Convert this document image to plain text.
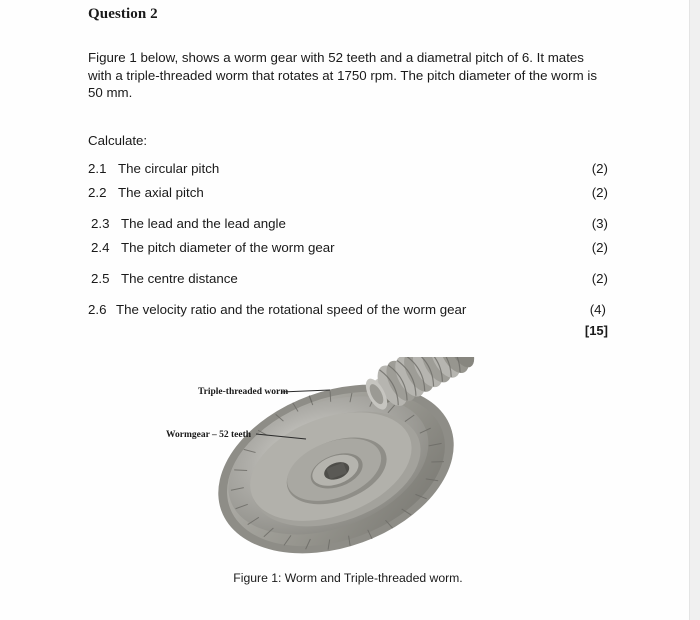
Question 2
Figure 1 below, shows a worm gear with 52 teeth and a diametral pitch of 6. It mates with a triple-threaded worm that rotates at 1750 rpm. The pitch diameter of the worm is 50 mm.
Calculate:
2.1 The circular pitch	(2)
2.2 The axial pitch	(2)
2.3 The lead and the lead angle	(3)
2.4 The pitch diameter of the worm gear	(2)
2.5 The centre distance	(2)
2.6 The velocity ratio and the rotational speed of the worm gear	(4)
[15]
Triple-threaded worm
Wormgear – 52 teeth
Figure 1: Worm and Triple-threaded worm.
